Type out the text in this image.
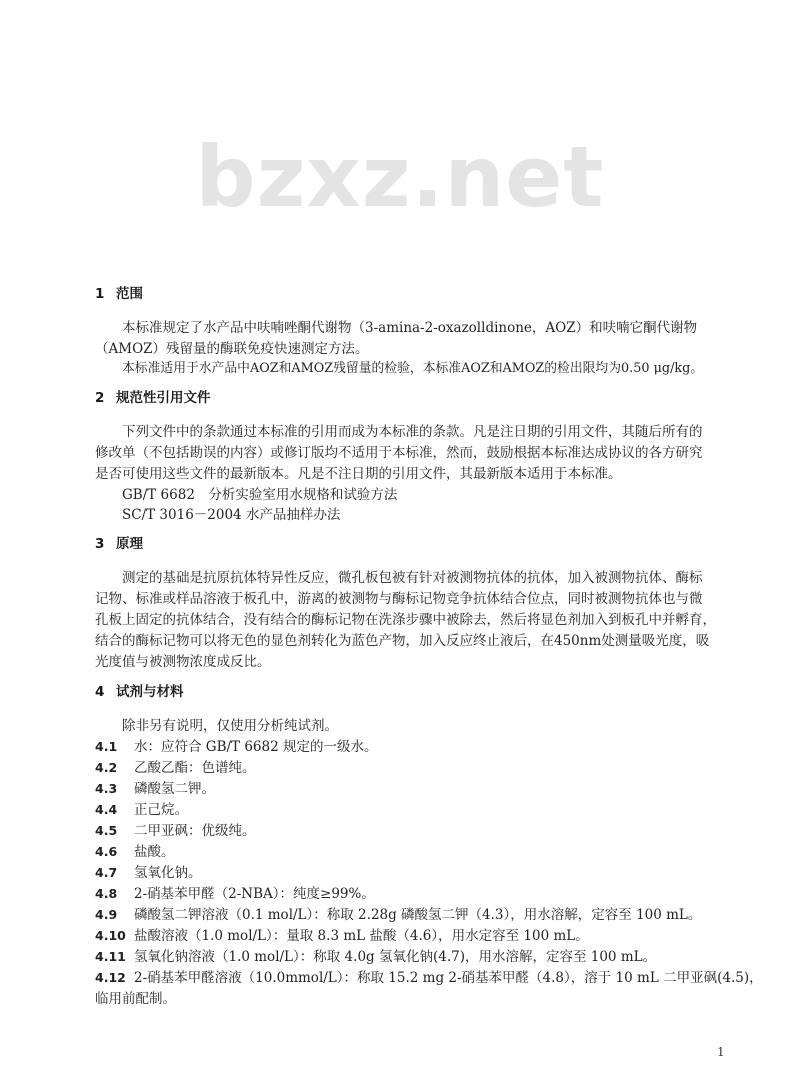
bzxz.net
1 范围
本标准规定了水产品中呋喃唑酮代谢物（3-amina-2-oxazolldinone，AOZ）和呋喃它酮代谢物
（AMOZ）残留量的酶联免疫快速测定方法。
本标准适用于水产品中AOZ和AMOZ残留量的检验，本标准AOZ和AMOZ的检出限均为0.50 μg/kg。
2 规范性引用文件
下列文件中的条款通过本标准的引用而成为本标准的条款。凡是注日期的引用文件，其随后所有的
修改单（不包括勘误的内容）或修订版均不适用于本标准，然而，鼓励根据本标准达成协议的各方研究
是否可使用这些文件的最新版本。凡是不注日期的引用文件，其最新版本适用于本标准。
GB/T 6682　分析实验室用水规格和试验方法
SC/T 3016－2004 水产品抽样办法
3 原理
测定的基础是抗原抗体特异性反应，微孔板包被有针对被测物抗体的抗体，加入被测物抗体、酶标
记物、标准或样品溶液于板孔中，游离的被测物与酶标记物竞争抗体结合位点，同时被测物抗体也与微
孔板上固定的抗体结合，没有结合的酶标记物在洗涤步骤中被除去，然后将显色剂加入到板孔中并孵育，
结合的酶标记物可以将无色的显色剂转化为蓝色产物，加入反应终止液后，在450nm处测量吸光度，吸
光度值与被测物浓度成反比。
4 试剂与材料
除非另有说明，仅使用分析纯试剂。
4.1 水：应符合 GB/T 6682 规定的一级水。
4.2 乙酸乙酯：色谱纯。
4.3 磷酸氢二钾。
4.4 正己烷。
4.5 二甲亚砜：优级纯。
4.6 盐酸。
4.7 氢氧化钠。
4.8 2-硝基苯甲醛（2-NBA）：纯度≥99%。
4.9 磷酸氢二钾溶液（0.1 mol/L）：称取 2.28g 磷酸氢二钾（4.3），用水溶解，定容至 100 mL。
4.10 盐酸溶液（1.0 mol/L）：量取 8.3 mL 盐酸（4.6），用水定容至 100 mL。
4.11 氢氧化钠溶液（1.0 mol/L）：称取 4.0g 氢氧化钠(4.7)，用水溶解，定容至 100 mL。
4.12 2-硝基苯甲醛溶液（10.0mmol/L）：称取 15.2 mg 2-硝基苯甲醛（4.8），溶于 10 mL 二甲亚砜(4.5)，
临用前配制。
1
